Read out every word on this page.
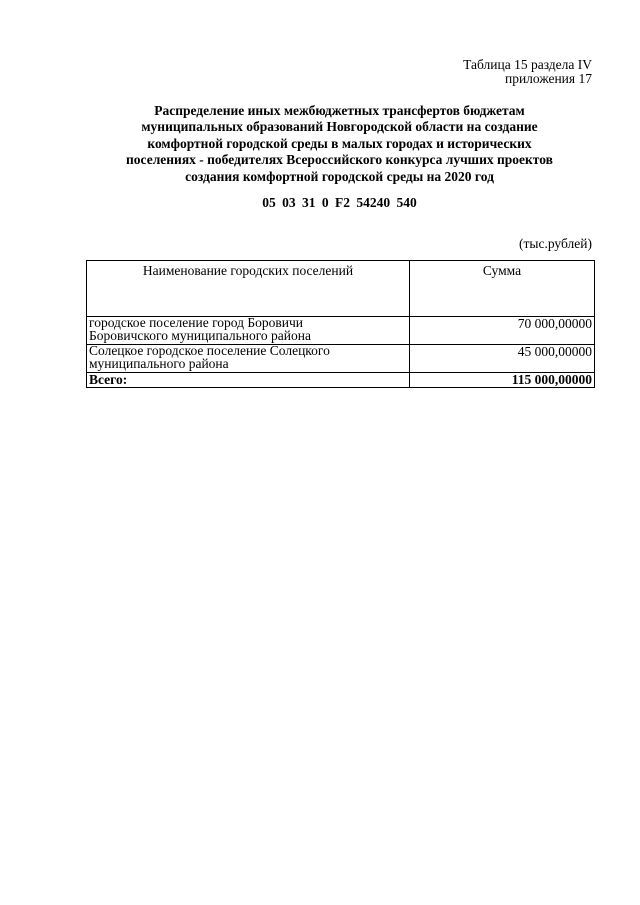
Таблица 15 раздела IV
приложения 17
Распределение иных межбюджетных трансфертов бюджетам
муниципальных образований Новгородской области на создание
комфортной городской среды в малых городах и исторических
поселениях - победителях Всероссийского конкурса лучших проектов
создания комфортной городской среды на 2020 год
05 03 31 0 F2 54240 540
(тыс.рублей)
Наименование городских поселений	Сумма

городское поселение город Боровичи
Боровичского муниципального района	70 000,00000

Солецкое городское поселение Солецкого
муниципального района	45 000,00000
Всего:	115 000,00000
